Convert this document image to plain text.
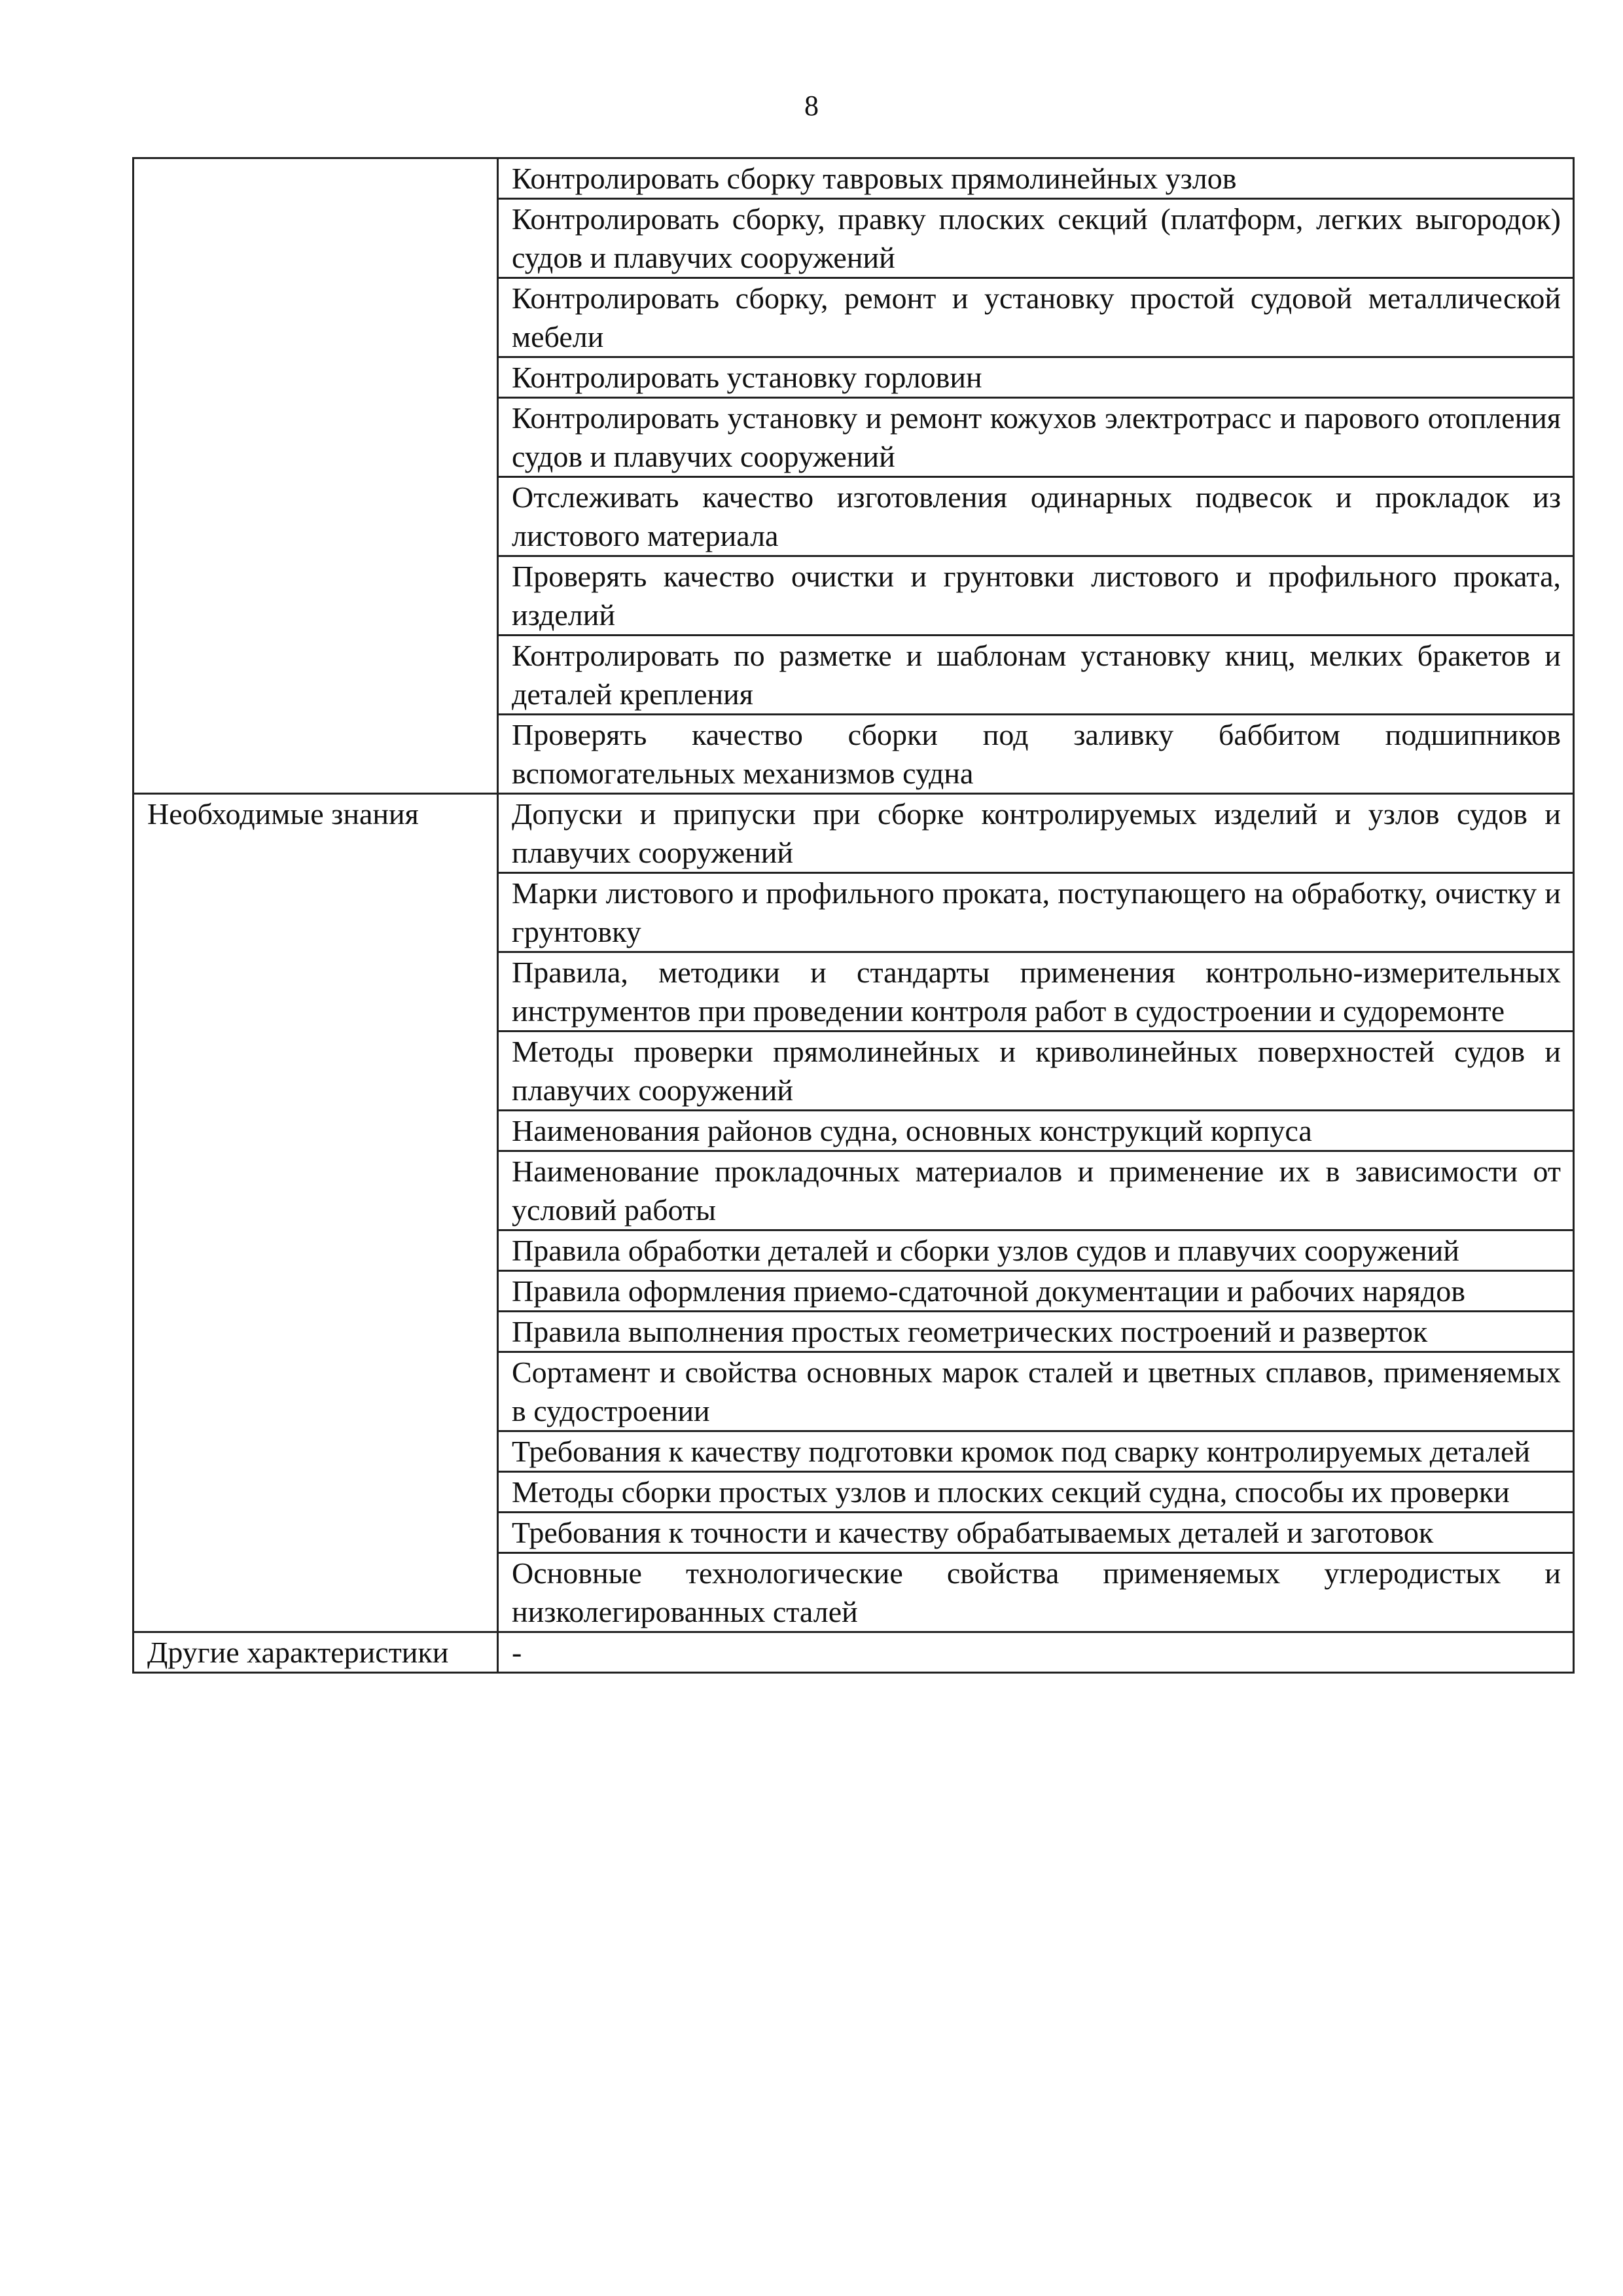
8
	Контролировать сборку тавровых прямолинейных узлов
	Контролировать сборку, правку плоских секций (платформ, легких выгородок) судов и плавучих сооружений
	Контролировать сборку, ремонт и установку простой судовой металлической мебели
	Контролировать установку горловин
	Контролировать установку и ремонт кожухов электротрасс и парового отопления судов и плавучих сооружений
	Отслеживать качество изготовления одинарных подвесок и прокладок из листового материала
	Проверять качество очистки и грунтовки листового и профильного проката, изделий
	Контролировать по разметке и шаблонам установку книц, мелких бракетов и деталей крепления
	Проверять качество сборки под заливку баббитом подшипников вспомогательных механизмов судна
Необходимые знания	Допуски и припуски при сборке контролируемых изделий и узлов судов и плавучих сооружений
	Марки листового и профильного проката, поступающего на обработку, очистку и грунтовку
	Правила, методики и стандарты применения контрольно-измерительных инструментов при проведении контроля работ в судостроении и судоремонте
	Методы проверки прямолинейных и криволинейных поверхностей судов и плавучих сооружений
	Наименования районов судна, основных конструкций корпуса
	Наименование прокладочных материалов и применение их в зависимости от условий работы
	Правила обработки деталей и сборки узлов судов и плавучих сооружений
	Правила оформления приемо-сдаточной документации и рабочих нарядов
	Правила выполнения простых геометрических построений и разверток
	Сортамент и свойства основных марок сталей и цветных сплавов, применяемых в судостроении
	Требования к качеству подготовки кромок под сварку контролируемых деталей
	Методы сборки простых узлов и плоских секций судна, способы их проверки
	Требования к точности и качеству обрабатываемых деталей и заготовок
	Основные технологические свойства применяемых углеродистых и низколегированных сталей
Другие характеристики	-
